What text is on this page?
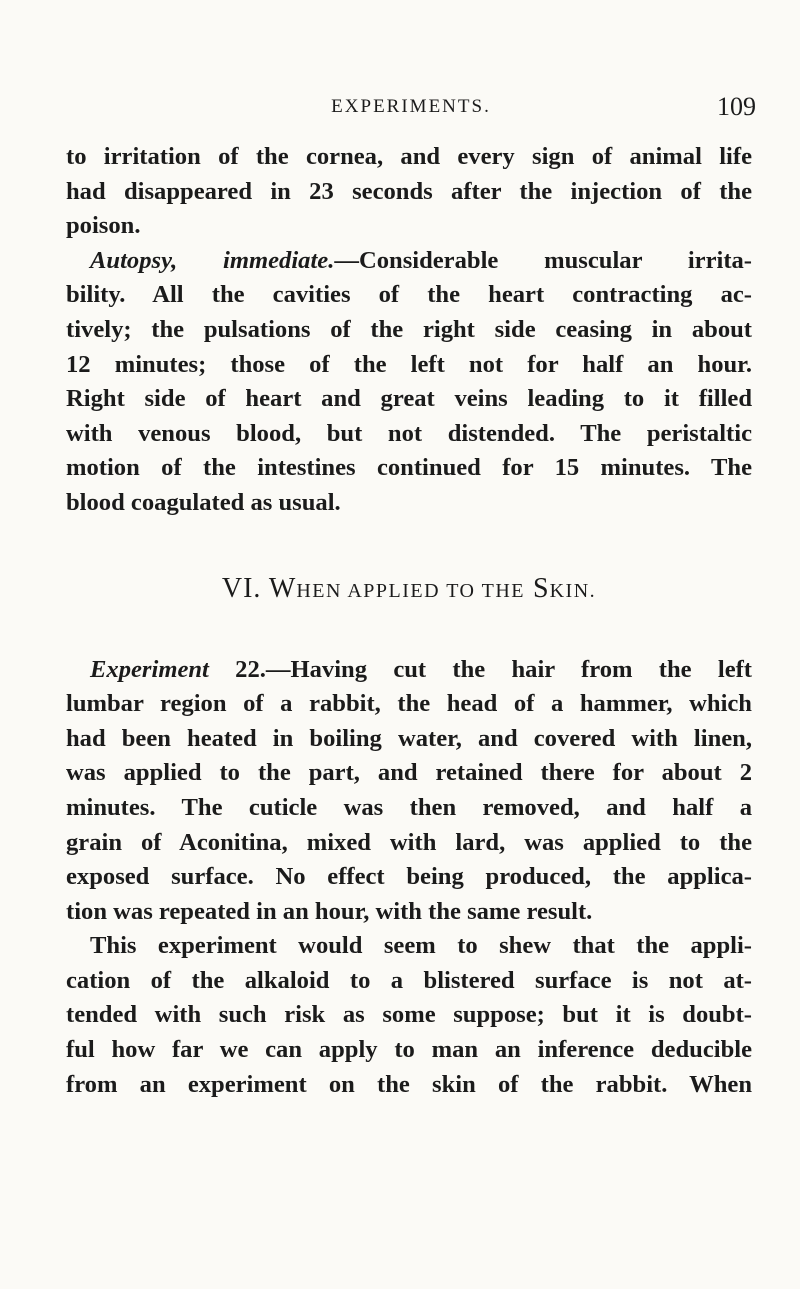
EXPERIMENTS.	109
to irritation of the cornea, and every sign of animal life
had disappeared in 23 seconds after the injection of the
poison.
Autopsy, immediate.—Considerable muscular irrita-
bility. All the cavities of the heart contracting ac-
tively; the pulsations of the right side ceasing in about
12 minutes; those of the left not for half an hour.
Right side of heart and great veins leading to it filled
with venous blood, but not distended. The peristaltic
motion of the intestines continued for 15 minutes. The
blood coagulated as usual.
VI. WHEN APPLIED TO THE SKIN.
Experiment 22.—Having cut the hair from the left
lumbar region of a rabbit, the head of a hammer, which
had been heated in boiling water, and covered with linen,
was applied to the part, and retained there for about 2
minutes. The cuticle was then removed, and half a
grain of Aconitina, mixed with lard, was applied to the
exposed surface. No effect being produced, the applica-
tion was repeated in an hour, with the same result.
This experiment would seem to shew that the appli-
cation of the alkaloid to a blistered surface is not at-
tended with such risk as some suppose; but it is doubt-
ful how far we can apply to man an inference deducible
from an experiment on the skin of the rabbit. When
